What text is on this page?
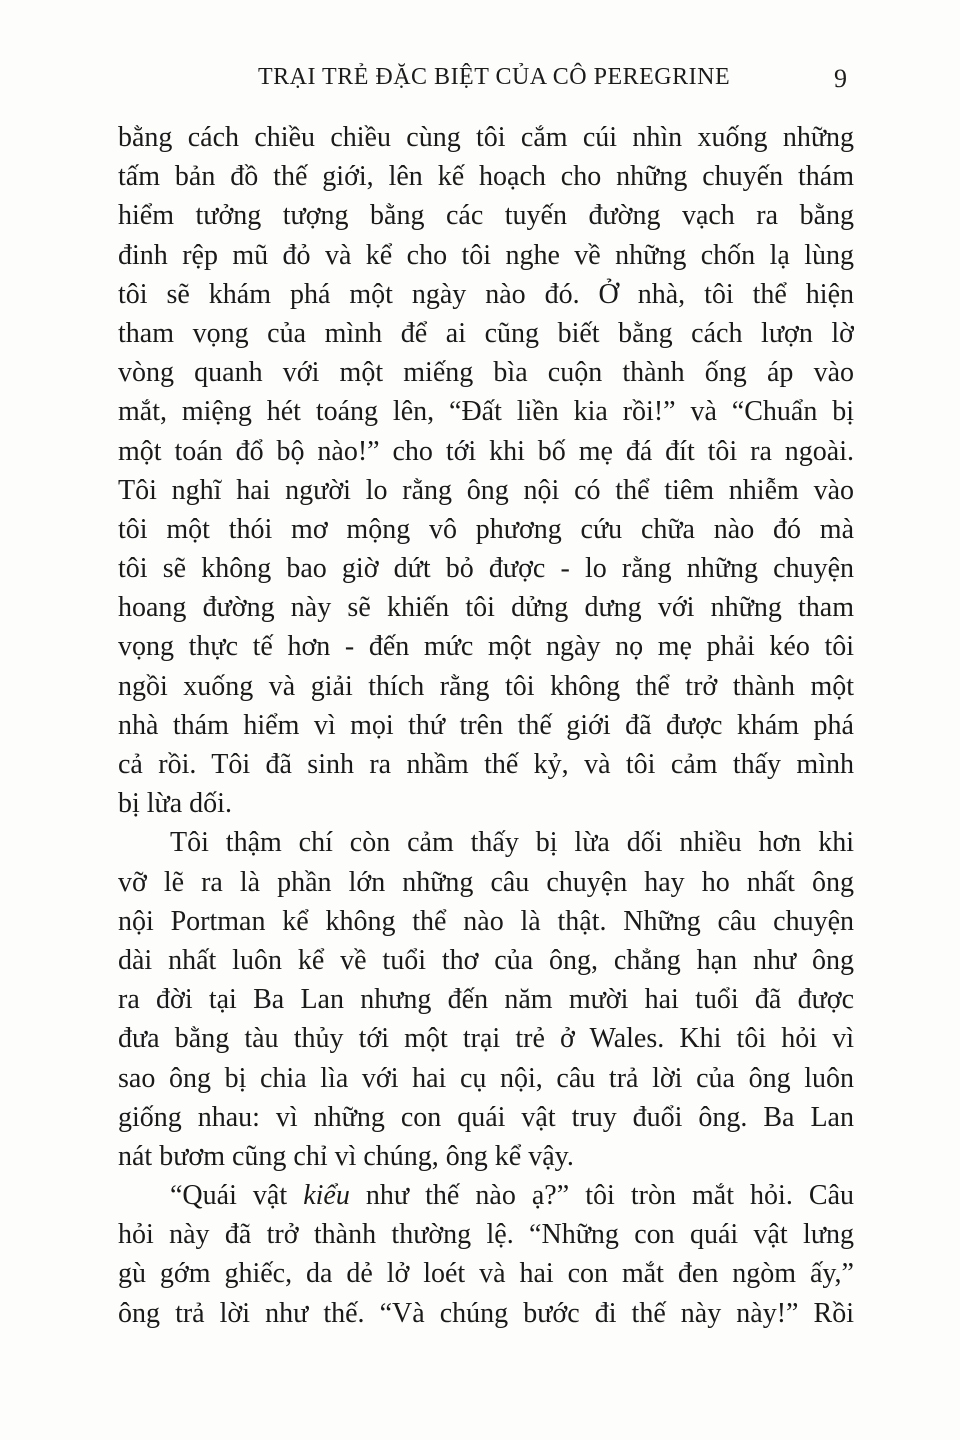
TRẠI TRẺ ĐẶC BIỆT CỦA CÔ PEREGRINE	9
bằng cách chiều chiều cùng tôi cắm cúi nhìn xuống những
tấm bản đồ thế giới, lên kế hoạch cho những chuyến thám
hiểm tưởng tượng bằng các tuyến đường vạch ra bằng
đinh rệp mũ đỏ và kể cho tôi nghe về những chốn lạ lùng
tôi sẽ khám phá một ngày nào đó. Ở nhà, tôi thể hiện
tham vọng của mình để ai cũng biết bằng cách lượn lờ
vòng quanh với một miếng bìa cuộn thành ống áp vào
mắt, miệng hét toáng lên, “Đất liền kia rồi!” và “Chuẩn bị
một toán đổ bộ nào!” cho tới khi bố mẹ đá đít tôi ra ngoài.
Tôi nghĩ hai người lo rằng ông nội có thể tiêm nhiễm vào
tôi một thói mơ mộng vô phương cứu chữa nào đó mà
tôi sẽ không bao giờ dứt bỏ được - lo rằng những chuyện
hoang đường này sẽ khiến tôi dửng dưng với những tham
vọng thực tế hơn - đến mức một ngày nọ mẹ phải kéo tôi
ngồi xuống và giải thích rằng tôi không thể trở thành một
nhà thám hiểm vì mọi thứ trên thế giới đã được khám phá
cả rồi. Tôi đã sinh ra nhầm thế kỷ, và tôi cảm thấy mình
bị lừa dối.
Tôi thậm chí còn cảm thấy bị lừa dối nhiều hơn khi
vỡ lẽ ra là phần lớn những câu chuyện hay ho nhất ông
nội Portman kể không thể nào là thật. Những câu chuyện
dài nhất luôn kể về tuổi thơ của ông, chẳng hạn như ông
ra đời tại Ba Lan nhưng đến năm mười hai tuổi đã được
đưa bằng tàu thủy tới một trại trẻ ở Wales. Khi tôi hỏi vì
sao ông bị chia lìa với hai cụ nội, câu trả lời của ông luôn
giống nhau: vì những con quái vật truy đuổi ông. Ba Lan
nát bươm cũng chỉ vì chúng, ông kể vậy.
“Quái vật kiểu như thế nào ạ?” tôi tròn mắt hỏi. Câu
hỏi này đã trở thành thường lệ. “Những con quái vật lưng
gù gớm ghiếc, da dẻ lở loét và hai con mắt đen ngòm ấy,”
ông trả lời như thế. “Và chúng bước đi thế này này!” Rồi
